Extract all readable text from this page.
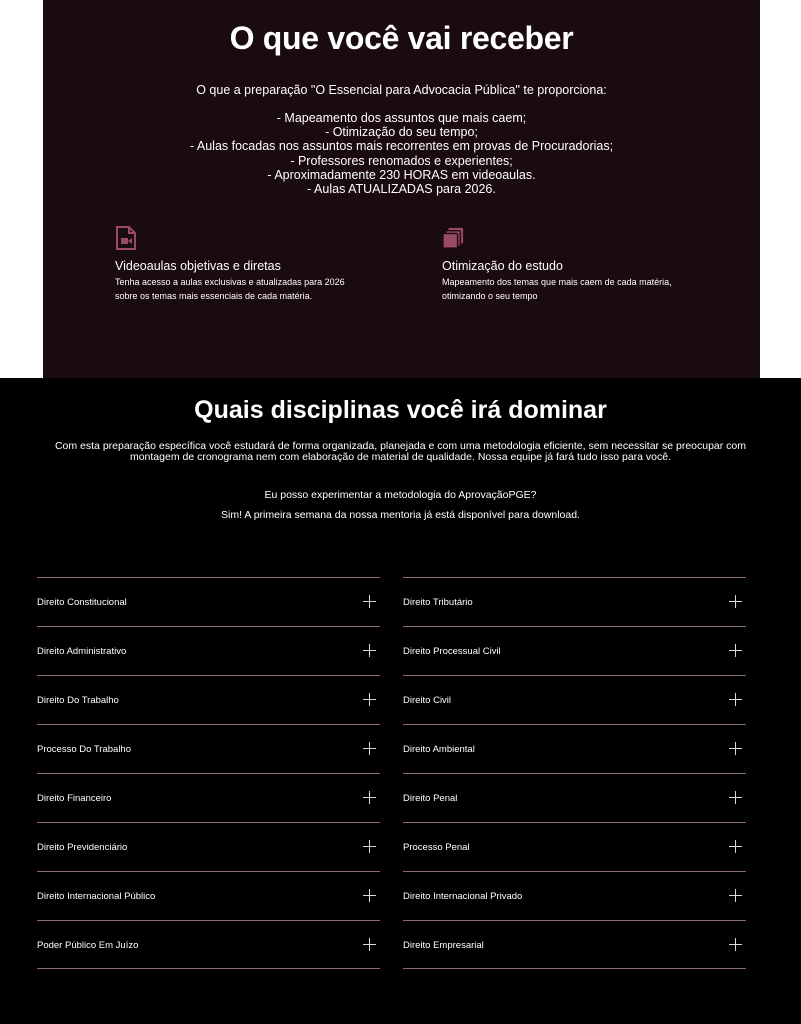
O que você vai receber

O que a preparação "O Essencial para Advocacia Pública" te proporciona:

- Mapeamento dos assuntos que mais caem;
- Otimização do seu tempo;
- Aulas focadas nos assuntos mais recorrentes em provas de Procuradorias;
- Professores renomados e experientes;
- Aproximadamente 230 HORAS em videoaulas.
- Aulas ATUALIZADAS para 2026.
Videoaulas objetivas e diretas
Tenha acesso a aulas exclusivas e atualizadas para 2026
sobre os temas mais essenciais de cada matéria.
Otimização do estudo
Mapeamento dos temas que mais caem de cada matéria,
otimizando o seu tempo
Quais disciplinas você irá dominar

Com esta preparação específica você estudará de forma organizada, planejada e com uma metodologia eficiente, sem necessitar se preocupar com montagem de cronograma nem com elaboração de material de qualidade. Nossa equipe já fará tudo isso para você.

Eu posso experimentar a metodologia do AprovaçãoPGE?

Sim! A primeira semana da nossa mentoria já está disponível para download.

Direito Constitucional
Direito Administrativo
Direito Do Trabalho
Processo Do Trabalho
Direito Financeiro
Direito Previdenciário
Direito Internacional Público
Poder Público Em Juízo
Direito Tributário
Direito Processual Civil
Direito Civil
Direito Ambiental
Direito Penal
Processo Penal
Direito Internacional Privado
Direito Empresarial
